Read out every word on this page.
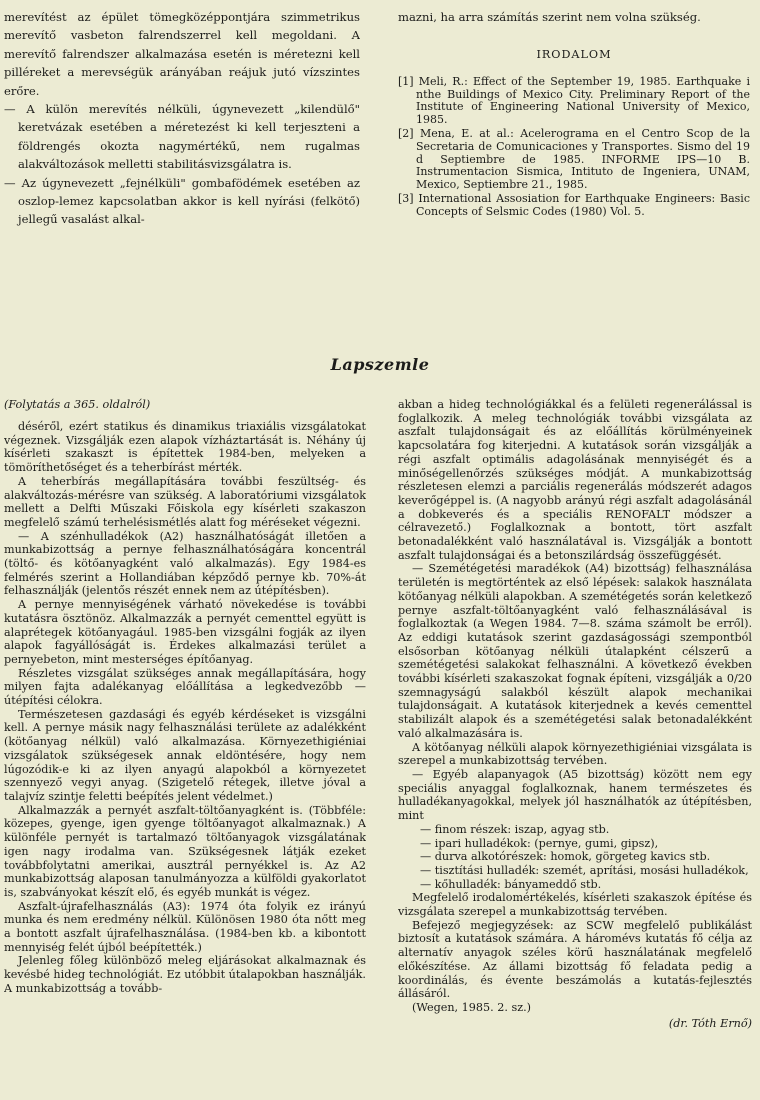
merevítést az épület tömegközéppontjára szimmetrikus merevítő vasbeton falrendszerrel kell megoldani. A merevítő falrendszer alkalmazása esetén is méretezni kell pilléreket a merevségük arányában reájuk jutó vízszintes erőre.

— A külön merevítés nélküli, úgynevezett „kilendülő" keretvázak esetében a méretezést ki kell terjeszteni a földrengés okozta nagymértékű, nem rugalmas alakváltozások melletti stabilitásvizsgálatra is.

— Az úgynevezett „fejnélküli" gombafödémek esetében az oszlop-lemez kapcsolatban akkor is kell nyírási (felkötő) jellegű vasalást alkal-

mazni, ha arra számítás szerint nem volna szükség.

IRODALOM

[1] Meli, R.: Effect of the September 19, 1985. Earthquake i nthe Buildings of Mexico City. Preliminary Report of the Institute of Engineering National University of Mexico, 1985.

[2] Mena, E. at al.: Acelerograma en el Centro Scop de la Secretaria de Comunicaciones y Transportes. Sismo del 19 d Septiembre de 1985. INFORME IPS—10 B. Instrumentacion Sismica, Intituto de Ingeniera, UNAM, Mexico, Septiembre 21., 1985.

[3] International Assosiation for Earthquake Engineers: Basic Concepts of Selsmic Codes (1980) Vol. 5.

Lapszemle
(Folytatás a 365. oldalról)

déséről, ezért statikus és dinamikus triaxiális vizsgálatokat végeznek. Vizsgálják ezen alapok vízháztartását is. Néhány új kísérleti szakaszt is építettek 1984-ben, melyeken a tömöríthetőséget és a teherbírást mérték.

A teherbírás megállapítására további feszültség- és alakváltozás-mérésre van szükség. A laboratóriumi vizsgálatok mellett a Delfti Műszaki Főiskola egy kísérleti szakaszon megfelelő számú terhelésismétlés alatt fog méréseket végezni.

— A szénhulladékok (A2) használhatóságát illetően a munkabizottság a pernye felhasználhatóságára koncentrál (töltő- és kötőanyagként való alkalmazás). Egy 1984-es felmérés szerint a Hollandiában képződő pernye kb. 70%-át felhasználják (jelentős részét ennek nem az útépítésben).

A pernye mennyiségének várható növekedése is további kutatásra ösztönöz. Alkalmazzák a pernyét cementtel együtt is alaprétegek kötőanyagául. 1985-ben vizsgálni fogják az ilyen alapok fagyállóságát is. Érdekes alkalmazási terület a pernyebeton, mint mesterséges építőanyag.

Részletes vizsgálat szükséges annak megállapítására, hogy milyen fajta adalékanyag előállítása a legkedvezőbb — útépítési célokra.

Természetesen gazdasági és egyéb kérdéseket is vizsgálni kell. A pernye másik nagy felhasználási területe az adalékként (kötőanyag nélkül) való alkalmazása. Környezethigiéniai vizsgálatok szükségesek annak eldöntésére, hogy nem lúgozódik-e ki az ilyen anyagú alapokból a környezetet szennyező vegyi anyag. (Szigetelő rétegek, illetve jóval a talajvíz szintje feletti beépítés jelent védelmet.)

Alkalmazzák a pernyét aszfalt-töltőanyagként is. (Többféle: közepes, gyenge, igen gyenge töltőanyagot alkalmaznak.) A különféle pernyét is tartalmazó töltőanyagok vizsgálatának igen nagy irodalma van. Szükségesnek látják ezeket továbbfolytatni amerikai, ausztrál pernyékkel is. Az A2 munkabizottság alaposan tanulmányozza a külföldi gyakorlatot is, szabványokat készít elő, és egyéb munkát is végez.

Aszfalt-újrafelhasználás (A3): 1974 óta folyik ez irányú munka és nem eredmény nélkül. Különösen 1980 óta nőtt meg a bontott aszfalt újrafelhasználása. (1984-ben kb. a kibontott mennyiség felét újból beépítették.)

Jelenleg főleg különböző meleg eljárásokat alkalmaznak és kevésbé hideg technológiát. Ez utóbbit útalapokban használják. A munkabizottság a tovább-

akban a hideg technológiákkal és a felületi regenerálással is foglalkozik. A meleg technológiák további vizsgálata az aszfalt tulajdonságait és az előállítás körülményeinek kapcsolatára fog kiterjedni. A kutatások során vizsgálják a régi aszfalt optimális adagolásának mennyiségét és a minőségellenőrzés szükséges módját. A munkabizottság részletesen elemzi a parciális regenerálás módszerét adagos keverőgéppel is. (A nagyobb arányú régi aszfalt adagolásánál a dobkeverés és a speciális RENOFALT módszer a célravezető.) Foglalkoznak a bontott, tört aszfalt betonadalékként való használatával is. Vizsgálják a bontott aszfalt tulajdonságai és a betonszilárdság összefüggését.

— Szemétégetési maradékok (A4) bizottság) felhasználása területén is megtörténtek az első lépések: salakok használata kötőanyag nélküli alapokban. A szemétégetés során keletkező pernye aszfalt-töltőanyagként való felhasználásával is foglalkoztak (a Wegen 1984. 7—8. száma számolt be erről). Az eddigi kutatások szerint gazdaságossági szempontból elsősorban kötőanyag nélküli útalapként célszerű a szemétégetési salakokat felhasználni. A következő években további kísérleti szakaszokat fognak építeni, vizsgálják a 0/20 szemnagyságú salakból készült alapok mechanikai tulajdonságait. A kutatások kiterjednek a kevés cementtel stabilizált alapok és a szemétégetési salak betonadalékként való alkalmazására is.

A kötőanyag nélküli alapok környezethigiéniai vizsgálata is szerepel a munkabizottság tervében.

— Egyéb alapanyagok (A5 bizottság) között nem egy speciális anyaggal foglalkoznak, hanem természetes és hulladékanyagokkal, melyek jól használhatók az útépítésben, mint

— finom részek: iszap, agyag stb.

— ipari hulladékok: (pernye, gumi, gipsz),

— durva alkotórészek: homok, görgeteg kavics stb.

— tisztítási hulladék: szemét, aprítási, mosási hulladékok,

— kőhulladék: bányameddő stb.

Megfelelő irodalomértékelés, kísérleti szakaszok építése és vizsgálata szerepel a munkabizottság tervében.

Befejező megjegyzések: az SCW megfelelő publikálást biztosít a kutatások számára. A háromévs kutatás fő célja az alternatív anyagok széles körű használatának megfelelő előkészítése. Az állami bizottság fő feladata pedig a koordinálás, és évente beszámolás a kutatás-fejlesztés állásáról.

(Wegen, 1985. 2. sz.)

(dr. Tóth Ernő)
